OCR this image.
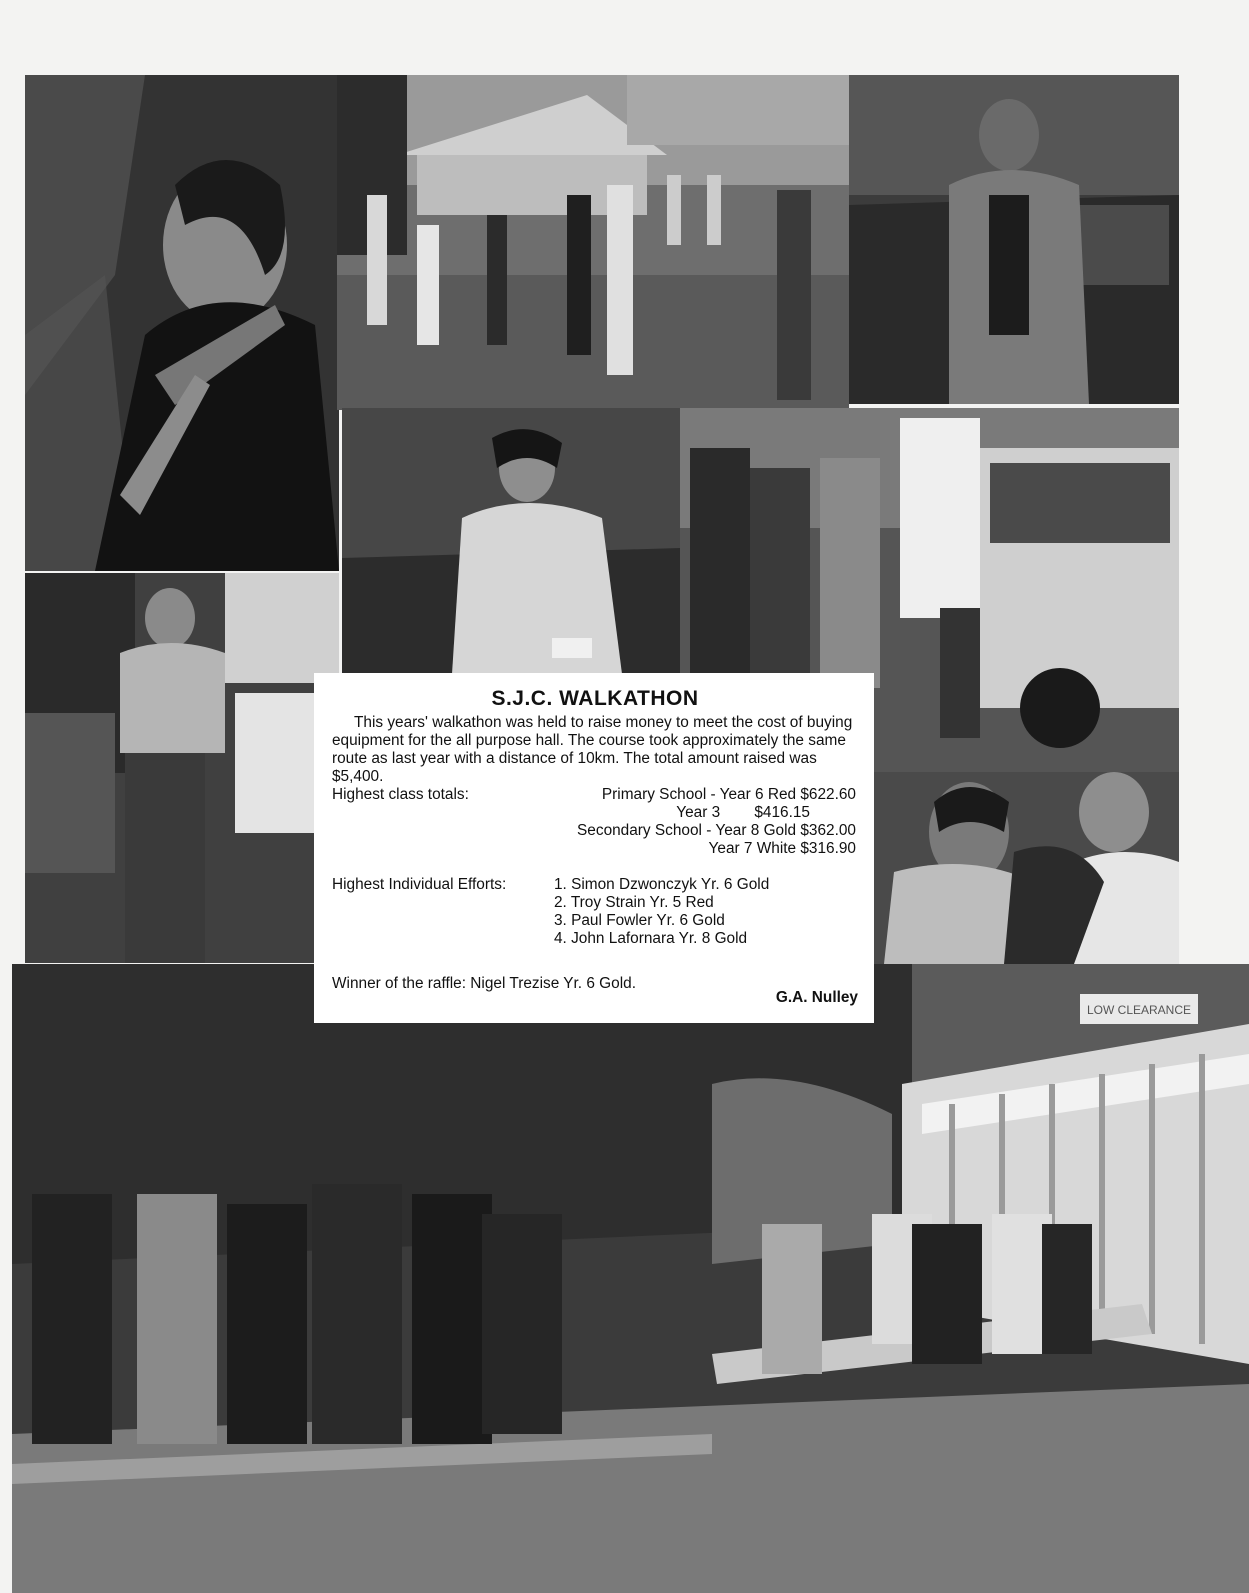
LOW CLEARANCE
S.J.C. WALKATHON

This years' walkathon was held to raise money to meet the cost of buying equipment for the all purpose hall. The course took approximately the same route as last year with a distance of 10km. The total amount raised was $5,400.

Highest class totals:	Primary School - Year 6 Red $622.60
Year 3        $416.15
Secondary School - Year 8 Gold $362.00
Year 7 White $316.90
Highest Individual Efforts:	1. Simon Dzwonczyk Yr. 6 Gold
2. Troy Strain Yr. 5 Red
3. Paul Fowler Yr. 6 Gold
4. John Lafornara Yr. 8 Gold
Winner of the raffle: Nigel Trezise Yr. 6 Gold.
G.A. Nulley
